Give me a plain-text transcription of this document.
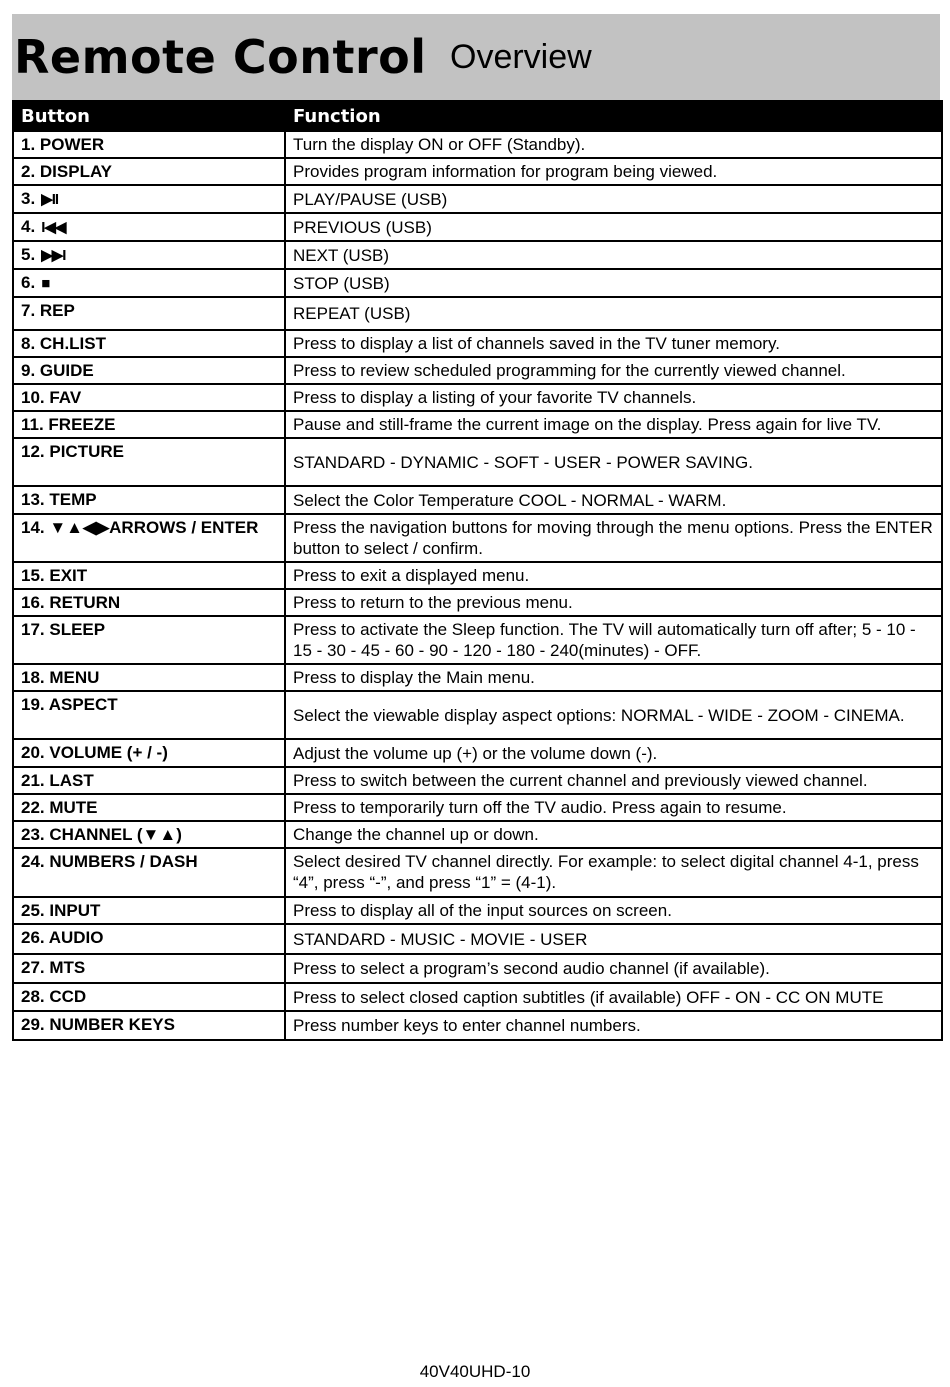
Remote Control Overview
Button	Function
1. POWER	Turn the display ON or OFF (Standby).
2. DISPLAY	Provides program information for program being viewed.
3. ▶II	PLAY/PAUSE (USB)
4. I◀◀	PREVIOUS (USB)
5. ▶▶I	NEXT (USB)
6. ■	STOP (USB)
7. REP	REPEAT (USB)
8. CH.LIST	Press to display a list of channels saved in the TV tuner memory.
9. GUIDE	Press to review scheduled programming for the currently viewed channel.
10. FAV	Press to display a listing of your favorite TV channels.
11. FREEZE	Pause and still-frame the current image on the display. Press again for live TV.
12. PICTURE	STANDARD - DYNAMIC - SOFT - USER - POWER SAVING.
13. TEMP	Select the Color Temperature COOL - NORMAL - WARM.
14. ▼▲◀▶ARROWS / ENTER	Press the navigation buttons for moving through the menu options. Press the ENTER button to select / confirm.
15. EXIT	Press to exit a displayed menu.
16. RETURN	Press to return to the previous menu.
17. SLEEP	Press to activate the Sleep function. The TV will automatically turn off after; 5 - 10 - 15 - 30 - 45 - 60 - 90 - 120 - 180 - 240(minutes) - OFF.
18. MENU	Press to display the Main menu.
19. ASPECT	Select the viewable display aspect options: NORMAL - WIDE - ZOOM - CINEMA.
20. VOLUME (+ / -)	Adjust the volume up (+) or the volume down (-).
21. LAST	Press to switch between the current channel and previously viewed channel.
22. MUTE	Press to temporarily turn off the TV audio. Press again to resume.
23. CHANNEL (▼▲)	Change the channel up or down.
24. NUMBERS / DASH	Select desired TV channel directly. For example: to select digital channel 4-1, press “4”, press “-”, and press “1” = (4-1).
25. INPUT	Press to display all of the input sources on screen.
26. AUDIO	STANDARD - MUSIC - MOVIE - USER
27. MTS	Press to select a program’s second audio channel (if available).
28. CCD	Press to select closed caption subtitles (if available) OFF - ON - CC ON MUTE
29. NUMBER KEYS	Press number keys to enter channel numbers.
40V40UHD-10
